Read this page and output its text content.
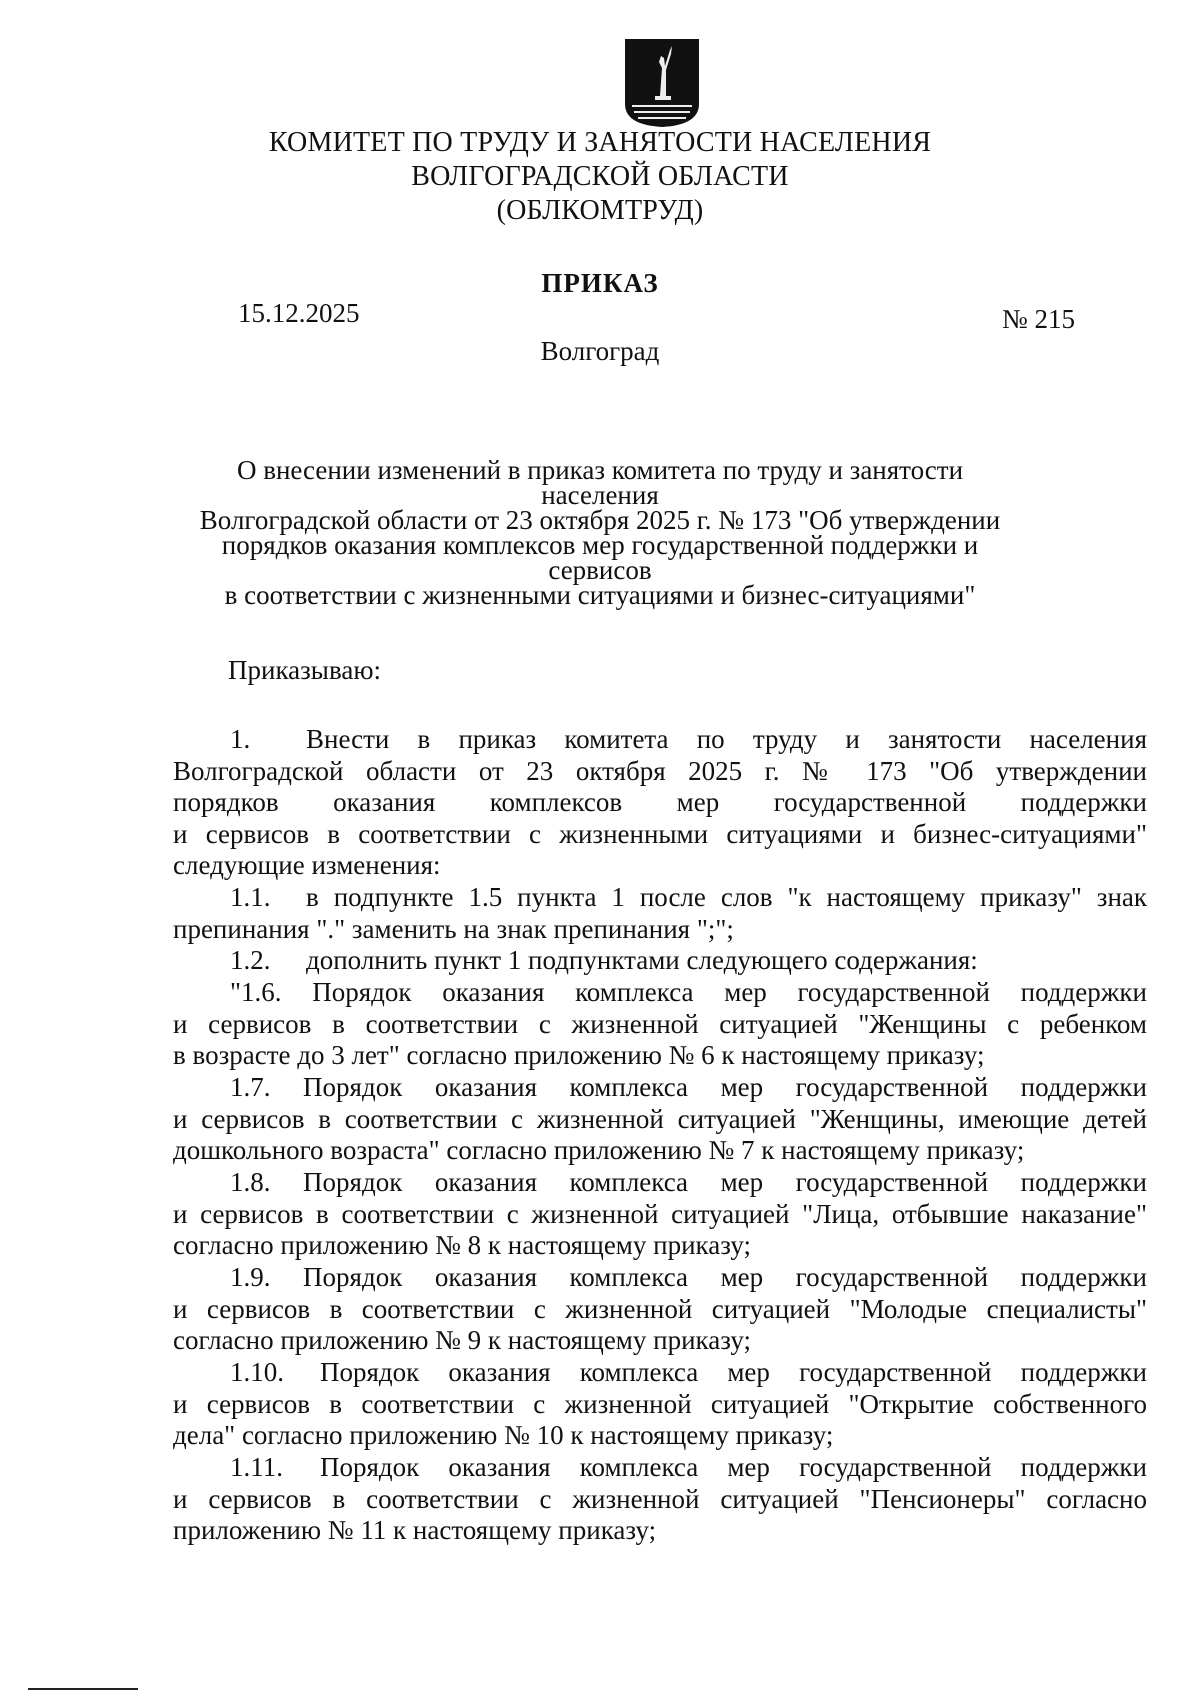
КОМИТЕТ ПО ТРУДУ И ЗАНЯТОСТИ НАСЕЛЕНИЯ
ВОЛГОГРАДСКОЙ ОБЛАСТИ
(ОБЛКОМТРУД)
ПРИКАЗ
15.12.2025	№ 215
Волгоград
О внесении изменений в приказ комитета по труду и занятости населения
Волгоградской области от 23 октября 2025 г. № 173 "Об утверждении
порядков оказания комплексов мер государственной поддержки и сервисов
в соответствии с жизненными ситуациями и бизнес-ситуациями"
Приказываю:
1. Внести в приказ комитета по труду и занятости населения
Волгоградской области от 23 октября 2025 г. № 173 "Об утверждении
порядков оказания комплексов мер государственной поддержки
и сервисов в соответствии с жизненными ситуациями и бизнес-ситуациями"
следующие изменения:
1.1. в подпункте 1.5 пункта 1 после слов "к настоящему приказу" знак
препинания "." заменить на знак препинания ";";
1.2. дополнить пункт 1 подпунктами следующего содержания:
"1.6. Порядок оказания комплекса мер государственной поддержки
и сервисов в соответствии с жизненной ситуацией "Женщины с ребенком
в возрасте до 3 лет" согласно приложению № 6 к настоящему приказу;
1.7. Порядок оказания комплекса мер государственной поддержки
и сервисов в соответствии с жизненной ситуацией "Женщины, имеющие детей
дошкольного возраста" согласно приложению № 7 к настоящему приказу;
1.8. Порядок оказания комплекса мер государственной поддержки
и сервисов в соответствии с жизненной ситуацией "Лица, отбывшие наказание"
согласно приложению № 8 к настоящему приказу;
1.9. Порядок оказания комплекса мер государственной поддержки
и сервисов в соответствии с жизненной ситуацией "Молодые специалисты"
согласно приложению № 9 к настоящему приказу;
1.10. Порядок оказания комплекса мер государственной поддержки
и сервисов в соответствии с жизненной ситуацией "Открытие собственного
дела" согласно приложению № 10 к настоящему приказу;
1.11. Порядок оказания комплекса мер государственной поддержки
и сервисов в соответствии с жизненной ситуацией "Пенсионеры" согласно
приложению № 11 к настоящему приказу;
